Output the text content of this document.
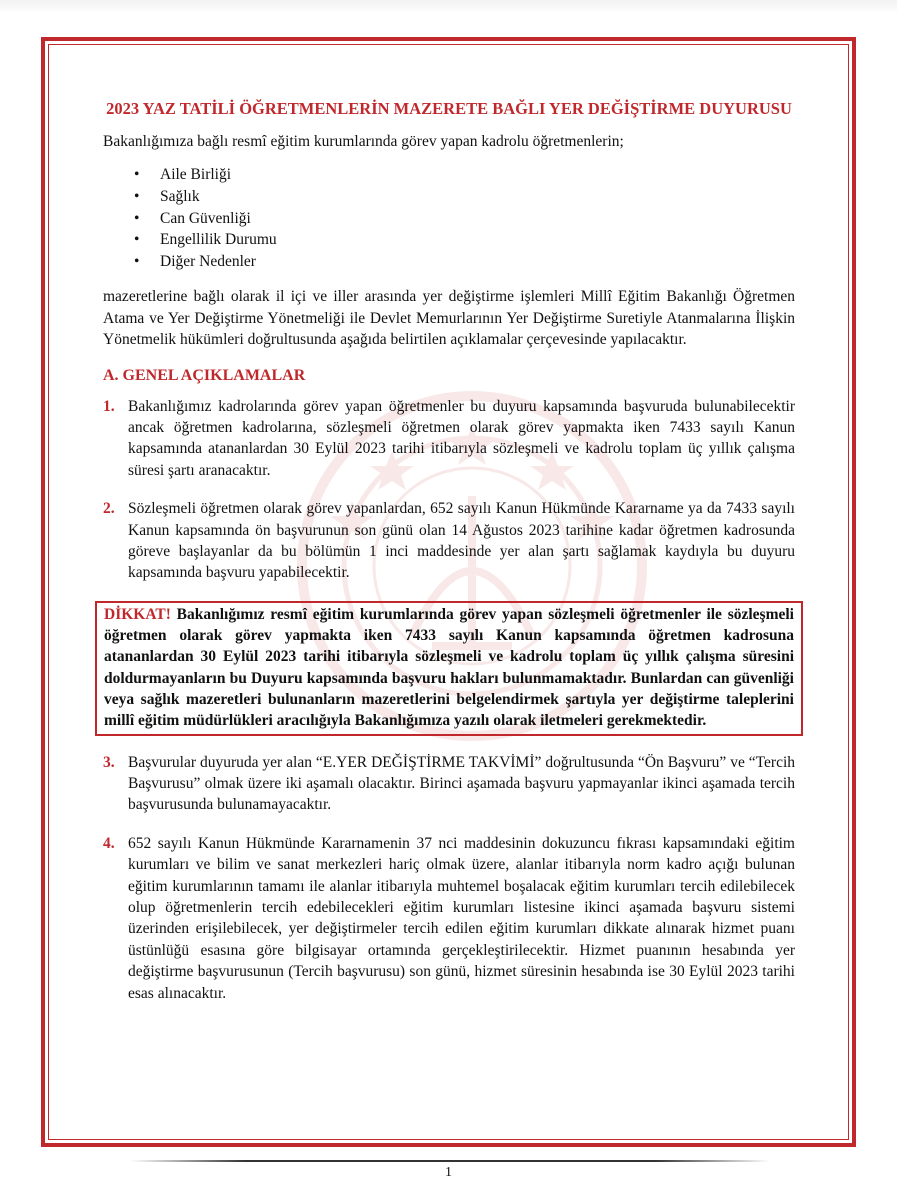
2023 YAZ TATİLİ ÖĞRETMENLERİN MAZERETE BAĞLI YER DEĞİŞTİRME DUYURUSU
Bakanlığımıza bağlı resmî eğitim kurumlarında görev yapan kadrolu öğretmenlerin;
• Aile Birliği
• Sağlık
• Can Güvenliği
• Engellilik Durumu
• Diğer Nedenler
mazeretlerine bağlı olarak il içi ve iller arasında yer değiştirme işlemleri Millî Eğitim Bakanlığı Öğretmen Atama ve Yer Değiştirme Yönetmeliği ile Devlet Memurlarının Yer Değiştirme Suretiyle Atanmalarına İlişkin Yönetmelik hükümleri doğrultusunda aşağıda belirtilen açıklamalar çerçevesinde yapılacaktır.
A. GENEL AÇIKLAMALAR
1. Bakanlığımız kadrolarında görev yapan öğretmenler bu duyuru kapsamında başvuruda bulunabilecektir ancak öğretmen kadrolarına, sözleşmeli öğretmen olarak görev yapmakta iken 7433 sayılı Kanun kapsamında atananlardan 30 Eylül 2023 tarihi itibarıyla sözleşmeli ve kadrolu toplam üç yıllık çalışma süresi şartı aranacaktır.
2. Sözleşmeli öğretmen olarak görev yapanlardan, 652 sayılı Kanun Hükmünde Kararname ya da 7433 sayılı Kanun kapsamında ön başvurunun son günü olan 14 Ağustos 2023 tarihine kadar öğretmen kadrosunda göreve başlayanlar da bu bölümün 1 inci maddesinde yer alan şartı sağlamak kaydıyla bu duyuru kapsamında başvuru yapabilecektir.
DİKKAT! Bakanlığımız resmî eğitim kurumlarında görev yapan sözleşmeli öğretmenler ile sözleşmeli öğretmen olarak görev yapmakta iken 7433 sayılı Kanun kapsamında öğretmen kadrosuna atananlardan 30 Eylül 2023 tarihi itibarıyla sözleşmeli ve kadrolu toplam üç yıllık çalışma süresini doldurmayanların bu Duyuru kapsamında başvuru hakları bulunmamaktadır. Bunlardan can güvenliği veya sağlık mazeretleri bulunanların mazeretlerini belgelendirmek şartıyla yer değiştirme taleplerini millî eğitim müdürlükleri aracılığıyla Bakanlığımıza yazılı olarak iletmeleri gerekmektedir.
3. Başvurular duyuruda yer alan “E.YER DEĞİŞTİRME TAKVİMİ” doğrultusunda “Ön Başvuru” ve “Tercih Başvurusu” olmak üzere iki aşamalı olacaktır. Birinci aşamada başvuru yapmayanlar ikinci aşamada tercih başvurusunda bulunamayacaktır.
4. 652 sayılı Kanun Hükmünde Kararnamenin 37 nci maddesinin dokuzuncu fıkrası kapsamındaki eğitim kurumları ve bilim ve sanat merkezleri hariç olmak üzere, alanlar itibarıyla norm kadro açığı bulunan eğitim kurumlarının tamamı ile alanlar itibarıyla muhtemel boşalacak eğitim kurumları tercih edilebilecek olup öğretmenlerin tercih edebilecekleri eğitim kurumları listesine ikinci aşamada başvuru sistemi üzerinden erişilebilecek, yer değiştirmeler tercih edilen eğitim kurumları dikkate alınarak hizmet puanı üstünlüğü esasına göre bilgisayar ortamında gerçekleştirilecektir. Hizmet puanının hesabında yer değiştirme başvurusunun (Tercih başvurusu) son günü, hizmet süresinin hesabında ise 30 Eylül 2023 tarihi esas alınacaktır.
1
